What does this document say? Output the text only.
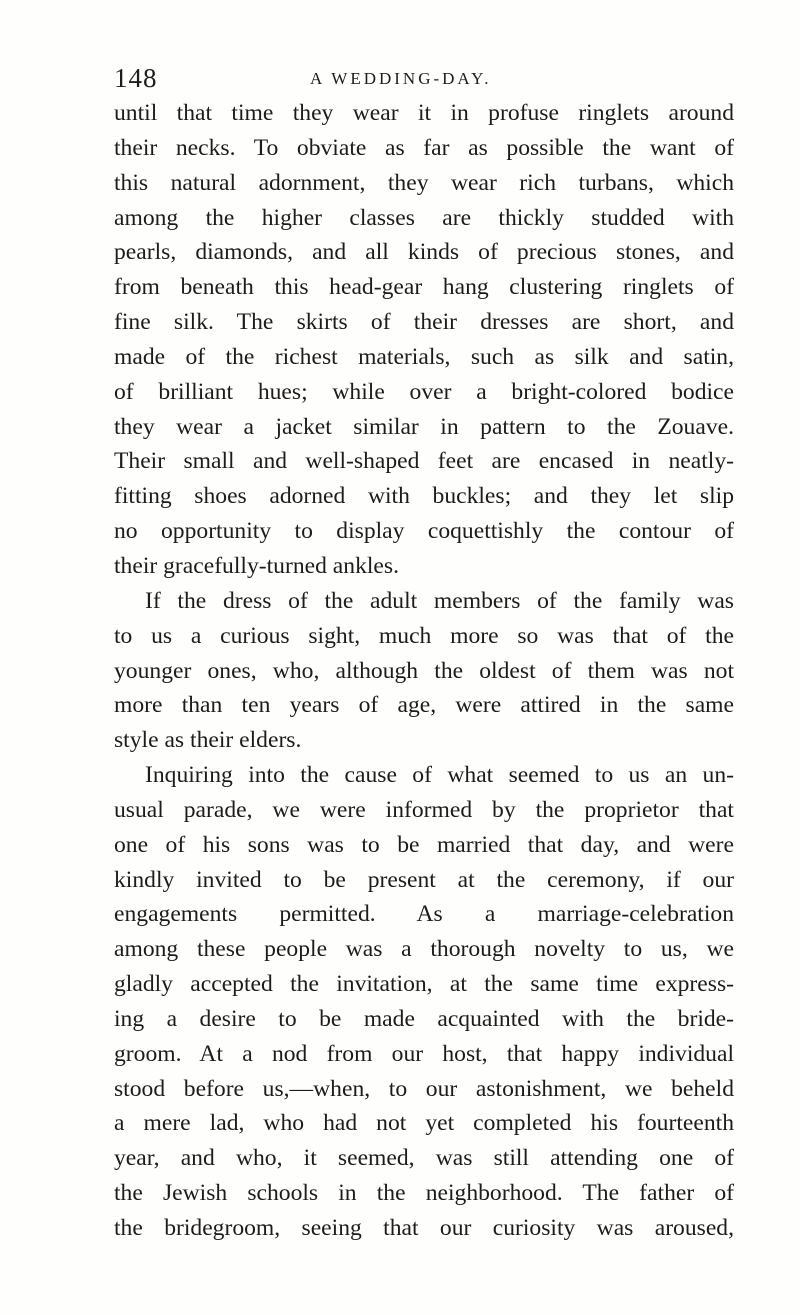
148	A WEDDING-DAY.
until that time they wear it in profuse ringlets around
their necks. To obviate as far as possible the want of
this natural adornment, they wear rich turbans, which
among the higher classes are thickly studded with
pearls, diamonds, and all kinds of precious stones, and
from beneath this head-gear hang clustering ringlets of
fine silk. The skirts of their dresses are short, and
made of the richest materials, such as silk and satin,
of brilliant hues; while over a bright-colored bodice
they wear a jacket similar in pattern to the Zouave.
Their small and well-shaped feet are encased in neatly-
fitting shoes adorned with buckles; and they let slip
no opportunity to display coquettishly the contour of
their gracefully-turned ankles.
If the dress of the adult members of the family was
to us a curious sight, much more so was that of the
younger ones, who, although the oldest of them was not
more than ten years of age, were attired in the same
style as their elders.
Inquiring into the cause of what seemed to us an un-
usual parade, we were informed by the proprietor that
one of his sons was to be married that day, and were
kindly invited to be present at the ceremony, if our
engagements permitted. As a marriage-celebration
among these people was a thorough novelty to us, we
gladly accepted the invitation, at the same time express-
ing a desire to be made acquainted with the bride-
groom. At a nod from our host, that happy individual
stood before us,—when, to our astonishment, we beheld
a mere lad, who had not yet completed his fourteenth
year, and who, it seemed, was still attending one of
the Jewish schools in the neighborhood. The father of
the bridegroom, seeing that our curiosity was aroused,
